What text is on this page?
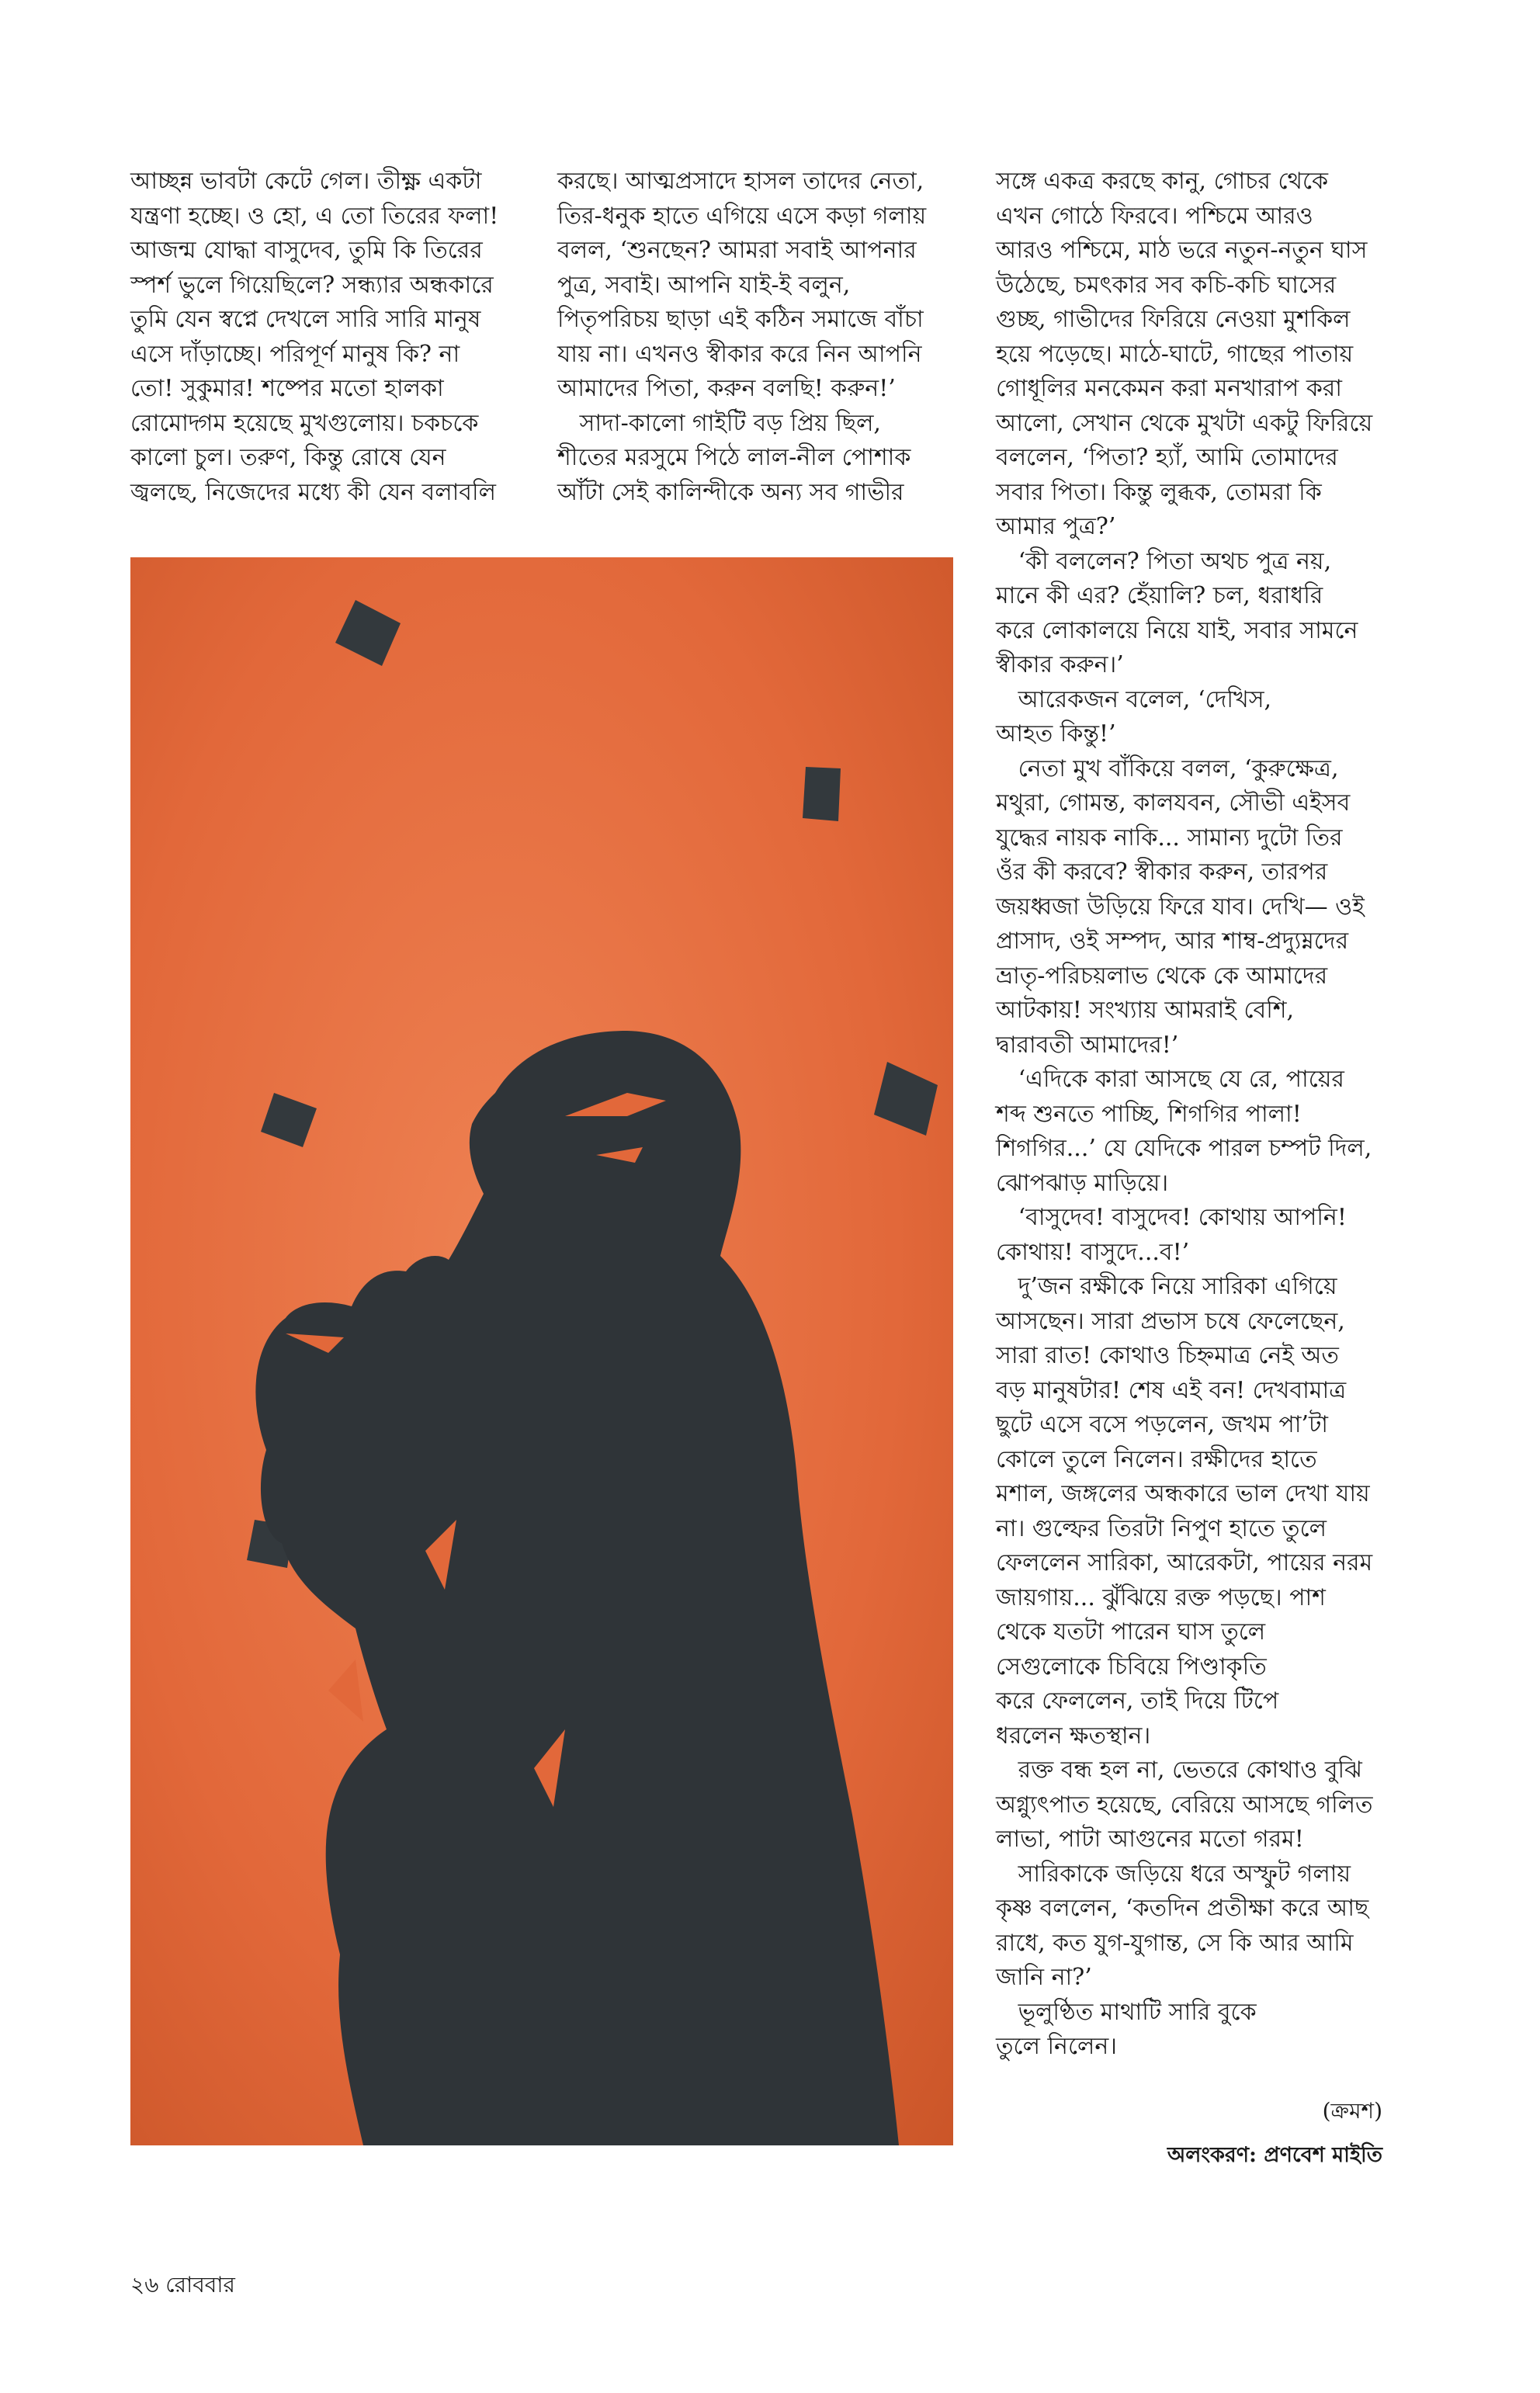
আচ্ছন্ন ভাবটা কেটে গেল। তীক্ষ্ণ একটা

যন্ত্রণা হচ্ছে। ও হো, এ তো তিরের ফলা!

আজন্ম যোদ্ধা বাসুদেব, তুমি কি তিরের

স্পর্শ ভুলে গিয়েছিলে? সন্ধ্যার অন্ধকারে

তুমি যেন স্বপ্নে দেখলে সারি সারি মানুষ

এসে দাঁড়াচ্ছে। পরিপূর্ণ মানুষ কি? না

তো! সুকুমার! শষ্পের মতো হালকা

রোমোদ্গম হয়েছে মুখগুলোয়। চকচকে

কালো চুল। তরুণ, কিন্তু রোষে যেন

জ্বলছে, নিজেদের মধ্যে কী যেন বলাবলি

করছে। আত্মপ্রসাদে হাসল তাদের নেতা,

তির-ধনুক হাতে এগিয়ে এসে কড়া গলায়

বলল, ‘শুনছেন? আমরা সবাই আপনার

পুত্র, সবাই। আপনি যাই-ই বলুন,

পিতৃপরিচয় ছাড়া এই কঠিন সমাজে বাঁচা

যায় না। এখনও স্বীকার করে নিন আপনি

আমাদের পিতা, করুন বলছি! করুন!’

সাদা-কালো গাইটি বড় প্রিয় ছিল,

শীতের মরসুমে পিঠে লাল-নীল পোশাক

আঁটা সেই কালিন্দীকে অন্য সব গাভীর

সঙ্গে একত্র করছে কানু, গোচর থেকে

এখন গোঠে ফিরবে। পশ্চিমে আরও

আরও পশ্চিমে, মাঠ ভরে নতুন-নতুন ঘাস

উঠেছে, চমৎকার সব কচি-কচি ঘাসের

গুচ্ছ, গাভীদের ফিরিয়ে নেওয়া মুশকিল

হয়ে পড়েছে। মাঠে-ঘাটে, গাছের পাতায়

গোধূলির মনকেমন করা মনখারাপ করা

আলো, সেখান থেকে মুখটা একটু ফিরিয়ে

বললেন, ‘পিতা? হ্যাঁ, আমি তোমাদের

সবার পিতা। কিন্তু লুব্ধক, তোমরা কি

আমার পুত্র?’

‘কী বললেন? পিতা অথচ পুত্র নয়,

মানে কী এর? হেঁয়ালি? চল, ধরাধরি

করে লোকালয়ে নিয়ে যাই, সবার সামনে

স্বীকার করুন।’

আরেকজন বলেল, ‘দেখিস,

আহত কিন্তু!’

নেতা মুখ বাঁকিয়ে বলল, ‘কুরুক্ষেত্র,

মথুরা, গোমন্ত, কালযবন, সৌভী এইসব

যুদ্ধের নায়ক নাকি... সামান্য দুটো তির

ওঁর কী করবে? স্বীকার করুন, তারপর

জয়ধ্বজা উড়িয়ে ফিরে যাব। দেখি— ওই

প্রাসাদ, ওই সম্পদ, আর শাম্ব-প্রদ্যুম্নদের

ভ্রাতৃ-পরিচয়লাভ থেকে কে আমাদের

আটকায়! সংখ্যায় আমরাই বেশি,

দ্বারাবতী আমাদের!’

‘এদিকে কারা আসছে যে রে, পায়ের

শব্দ শুনতে পাচ্ছি, শিগগির পালা!

শিগগির...’ যে যেদিকে পারল চম্পট দিল,

ঝোপঝাড় মাড়িয়ে।

‘বাসুদেব! বাসুদেব! কোথায় আপনি!

কোথায়! বাসুদে...ব!’

দু’জন রক্ষীকে নিয়ে সারিকা এগিয়ে

আসছেন। সারা প্রভাস চষে ফেলেছেন,

সারা রাত! কোথাও চিহ্নমাত্র নেই অত

বড় মানুষটার! শেষ এই বন! দেখবামাত্র

ছুটে এসে বসে পড়লেন, জখম পা’টা

কোলে তুলে নিলেন। রক্ষীদের হাতে

মশাল, জঙ্গলের অন্ধকারে ভাল দেখা যায়

না। গুল্ফের তিরটা নিপুণ হাতে তুলে

ফেললেন সারিকা, আরেকটা, পায়ের নরম

জায়গায়... ঝুঁঝিয়ে রক্ত পড়ছে। পাশ

থেকে যতটা পারেন ঘাস তুলে

সেগুলোকে চিবিয়ে পিণ্ডাকৃতি

করে ফেললেন, তাই দিয়ে টিপে

ধরলেন ক্ষতস্থান।

রক্ত বন্ধ হল না, ভেতরে কোথাও বুঝি

অগ্ন্যুৎপাত হয়েছে, বেরিয়ে আসছে গলিত

লাভা, পাটা আগুনের মতো গরম!

সারিকাকে জড়িয়ে ধরে অস্ফুট গলায়

কৃষ্ণ বললেন, ‘কতদিন প্রতীক্ষা করে আছ

রাধে, কত যুগ-যুগান্ত, সে কি আর আমি

জানি না?’

ভূলুণ্ঠিত মাথাটি সারি বুকে

তুলে নিলেন।

(ক্রমশ)
অলংকরণ: প্রণবেশ মাইতি
২৬ রোববার
